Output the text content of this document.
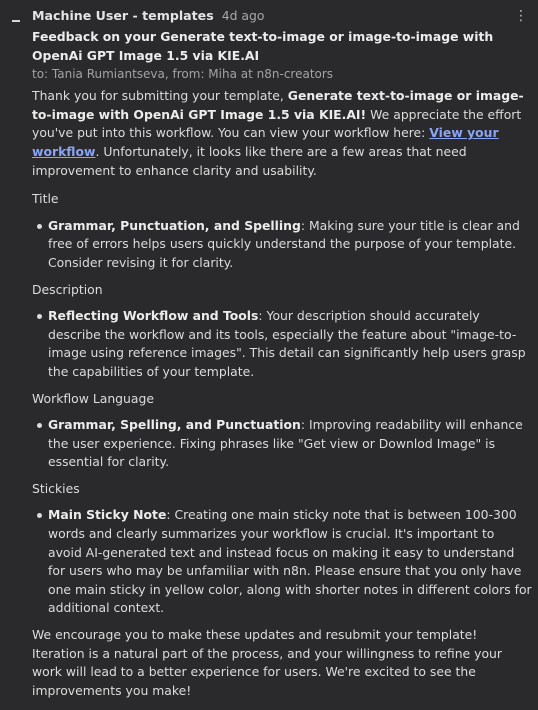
⋮
Machine User - templates 4d ago
Feedback on your Generate text-to-image or image-to-image with OpenAi GPT Image 1.5 via KIE.AI
to: Tania Rumiantseva, from: Miha at n8n-creators

Thank you for submitting your template, Generate text-to-image or image-to-image with OpenAi GPT Image 1.5 via KIE.AI! We appreciate the effort you've put into this workflow. You can view your workflow here: View your workflow. Unfortunately, it looks like there are a few areas that need improvement to enhance clarity and usability.

Title
Grammar, Punctuation, and Spelling: Making sure your title is clear and free of errors helps users quickly understand the purpose of your template. Consider revising it for clarity.
Description
Reflecting Workflow and Tools: Your description should accurately describe the workflow and its tools, especially the feature about "image-to-image using reference images". This detail can significantly help users grasp the capabilities of your template.
Workflow Language
Grammar, Spelling, and Punctuation: Improving readability will enhance the user experience. Fixing phrases like "Get view or Downlod Image" is essential for clarity.
Stickies
Main Sticky Note: Creating one main sticky note that is between 100-300 words and clearly summarizes your workflow is crucial. It's important to avoid AI-generated text and instead focus on making it easy to understand for users who may be unfamiliar with n8n. Please ensure that you only have one main sticky in yellow color, along with shorter notes in different colors for additional context.

We encourage you to make these updates and resubmit your template! Iteration is a natural part of the process, and your willingness to refine your work will lead to a better experience for users. We're excited to see the improvements you make!
